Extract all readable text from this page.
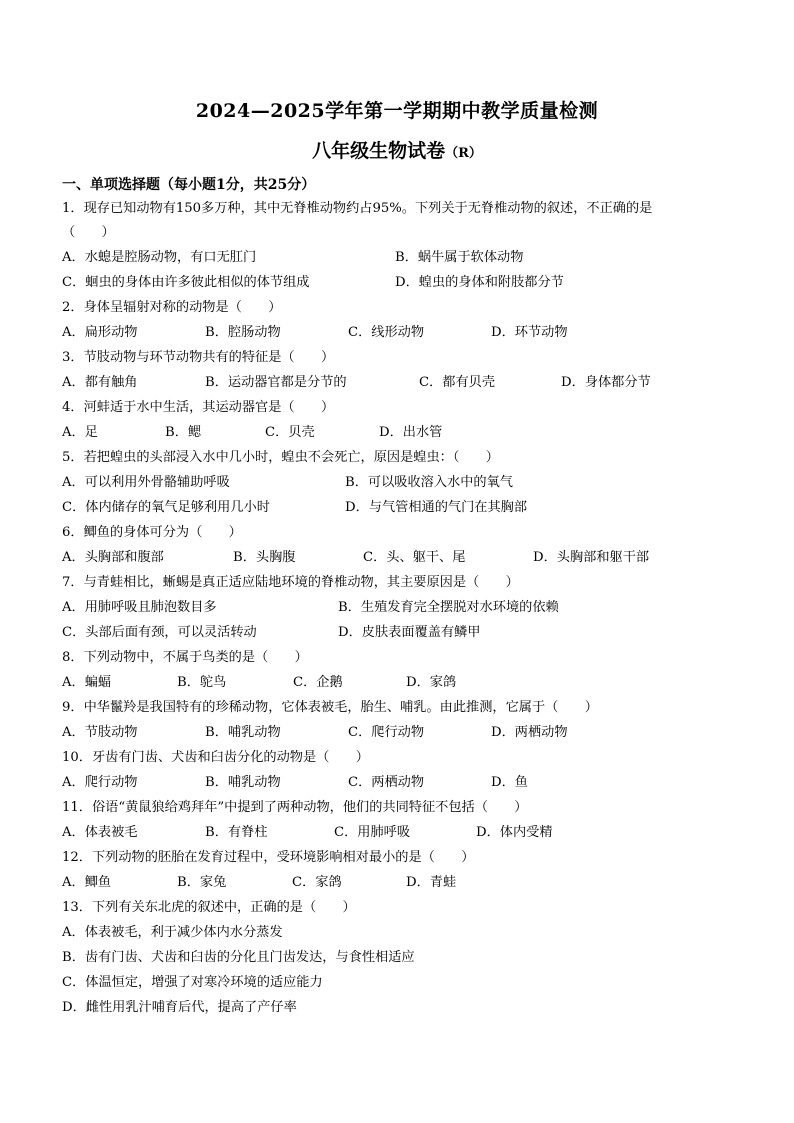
2024—2025学年第一学期期中教学质量检测
八年级生物试卷（R）
一、单项选择题（每小题1分，共25分）
1．现存已知动物有150多万种，其中无脊椎动物约占95%。下列关于无脊椎动物的叙述，不正确的是
（　　）
A．水螅是腔肠动物，有口无肛门	B．蜗牛属于软体动物
C．蛔虫的身体由许多彼此相似的体节组成	D．蝗虫的身体和附肢都分节
2．身体呈辐射对称的动物是（　　）
A．扁形动物	B．腔肠动物	C．线形动物	D．环节动物
3．节肢动物与环节动物共有的特征是（　　）
A．都有触角	B．运动器官都是分节的	C．都有贝壳	D．身体都分节
4．河蚌适于水中生活，其运动器官是（　　）
A．足	B．鳃	C．贝壳	D．出水管
5．若把蝗虫的头部浸入水中几小时，蝗虫不会死亡，原因是蝗虫：（　　）
A．可以利用外骨骼辅助呼吸	B．可以吸收溶入水中的氧气
C．体内储存的氧气足够利用几小时	D．与气管相通的气门在其胸部
6．鲫鱼的身体可分为（　　）
A．头胸部和腹部	B．头胸腹	C．头、躯干、尾	D．头胸部和躯干部
7．与青蛙相比，蜥蜴是真正适应陆地环境的脊椎动物，其主要原因是（　　）
A．用肺呼吸且肺泡数目多	B．生殖发育完全摆脱对水环境的依赖
C．头部后面有颈，可以灵活转动	D．皮肤表面覆盖有鳞甲
8．下列动物中，不属于鸟类的是（　　）
A．蝙蝠	B．鸵鸟	C．企鹅	D．家鸽
9．中华鬣羚是我国特有的珍稀动物，它体表被毛，胎生、哺乳。由此推测，它属于（　　）
A．节肢动物	B．哺乳动物	C．爬行动物	D．两栖动物
10．牙齿有门齿、犬齿和臼齿分化的动物是（　　）
A．爬行动物	B．哺乳动物	C．两栖动物	D．鱼
11．俗语“黄鼠狼给鸡拜年”中提到了两种动物，他们的共同特征不包括（　　）
A．体表被毛	B．有脊柱	C．用肺呼吸	D．体内受精
12．下列动物的胚胎在发育过程中，受环境影响相对最小的是（　　）
A．鲫鱼	B．家兔	C．家鸽	D．青蛙
13．下列有关东北虎的叙述中，正确的是（　　）
A．体表被毛，利于减少体内水分蒸发
B．齿有门齿、犬齿和臼齿的分化且门齿发达，与食性相适应
C．体温恒定，增强了对寒冷环境的适应能力
D．雌性用乳汁哺育后代，提高了产仔率
